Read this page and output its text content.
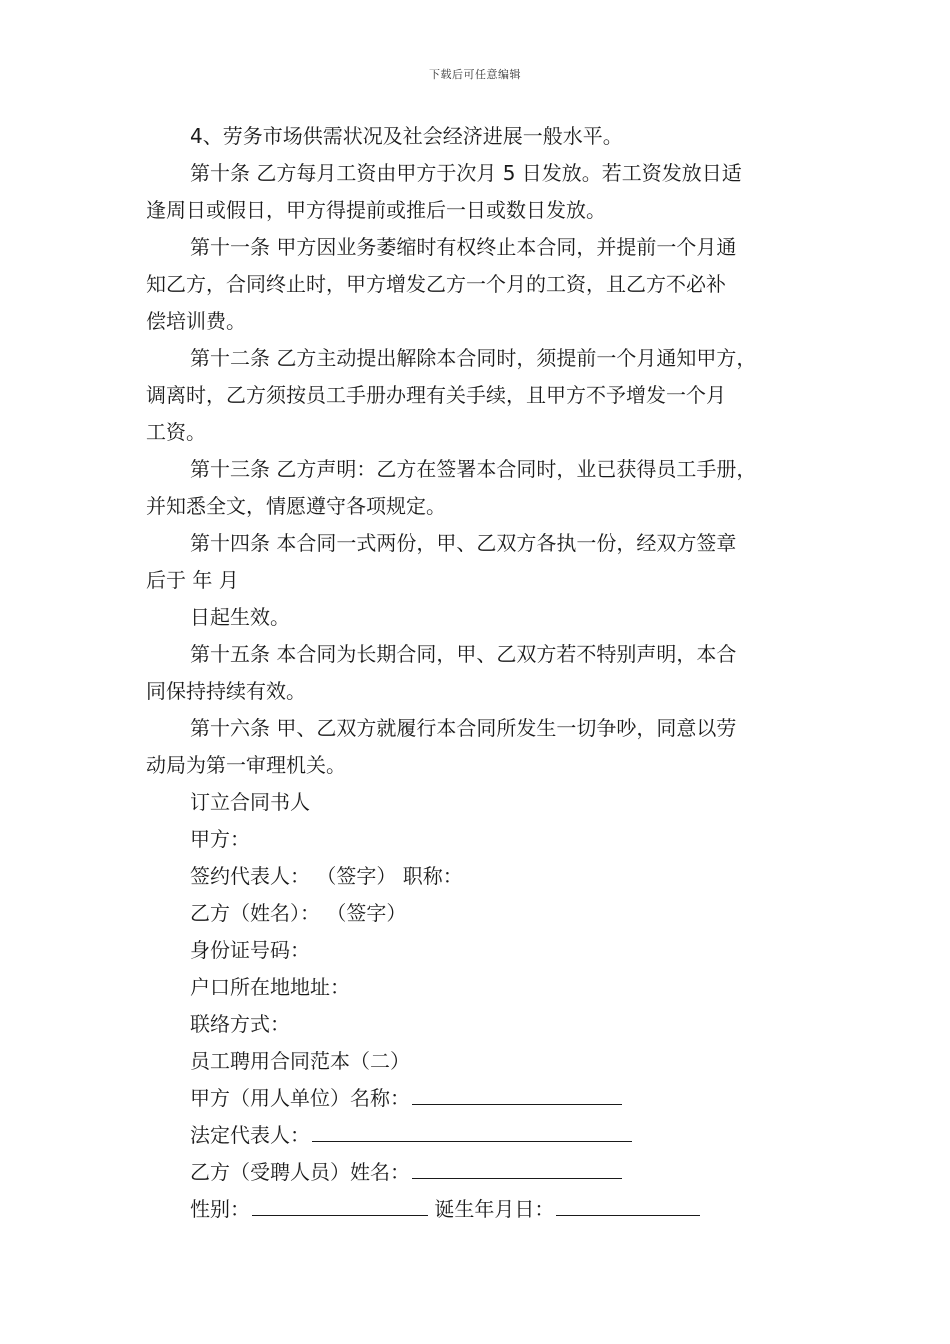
下载后可任意编辑
4、劳务市场供需状况及社会经济进展一般水平。
第十条 乙方每月工资由甲方于次月 5 日发放。若工资发放日适
逢周日或假日，甲方得提前或推后一日或数日发放。
第十一条 甲方因业务萎缩时有权终止本合同，并提前一个月通
知乙方，合同终止时，甲方增发乙方一个月的工资，且乙方不必补
偿培训费。
第十二条 乙方主动提出解除本合同时，须提前一个月通知甲方，
调离时，乙方须按员工手册办理有关手续，且甲方不予增发一个月
工资。
第十三条 乙方声明：乙方在签署本合同时，业已获得员工手册，
并知悉全文，情愿遵守各项规定。
第十四条 本合同一式两份，甲、乙双方各执一份，经双方签章
后于 年 月
日起生效。
第十五条 本合同为长期合同，甲、乙双方若不特别声明，本合
同保持持续有效。
第十六条 甲、乙双方就履行本合同所发生一切争吵，同意以劳
动局为第一审理机关。
订立合同书人
甲方：
签约代表人： （签字） 职称：
乙方（姓名）： （签字）
身份证号码：
户口所在地地址：
联络方式：
员工聘用合同范本（二）
甲方（用人单位）名称：
法定代表人：
乙方（受聘人员）姓名：
性别：	诞生年月日：
